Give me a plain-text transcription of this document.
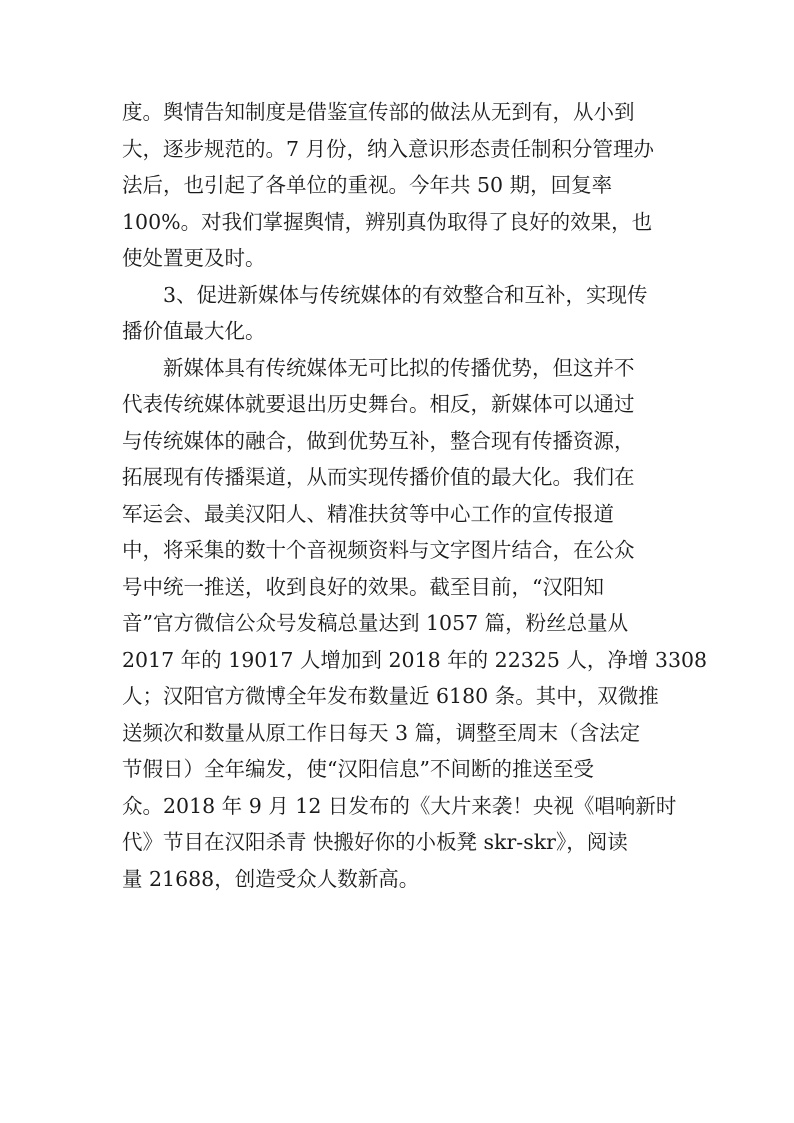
度。舆情告知制度是借鉴宣传部的做法从无到有，从小到
大，逐步规范的。7 月份，纳入意识形态责任制积分管理办
法后，也引起了各单位的重视。今年共 50 期，回复率
100%。对我们掌握舆情，辨别真伪取得了良好的效果，也
使处置更及时。
3、促进新媒体与传统媒体的有效整合和互补，实现传
播价值最大化。
新媒体具有传统媒体无可比拟的传播优势，但这并不
代表传统媒体就要退出历史舞台。相反，新媒体可以通过
与传统媒体的融合，做到优势互补，整合现有传播资源，
拓展现有传播渠道，从而实现传播价值的最大化。我们在
军运会、最美汉阳人、精准扶贫等中心工作的宣传报道
中，将采集的数十个音视频资料与文字图片结合，在公众
号中统一推送，收到良好的效果。截至目前，“汉阳知
音”官方微信公众号发稿总量达到 1057 篇，粉丝总量从
2017 年的 19017 人增加到 2018 年的 22325 人，净增 3308
人；汉阳官方微博全年发布数量近 6180 条。其中，双微推
送频次和数量从原工作日每天 3 篇，调整至周末（含法定
节假日）全年编发，使“汉阳信息”不间断的推送至受
众。2018 年 9 月 12 日发布的《大片来袭！央视《唱响新时
代》节目在汉阳杀青 快搬好你的小板凳 skr-skr》，阅读
量 21688，创造受众人数新高。
